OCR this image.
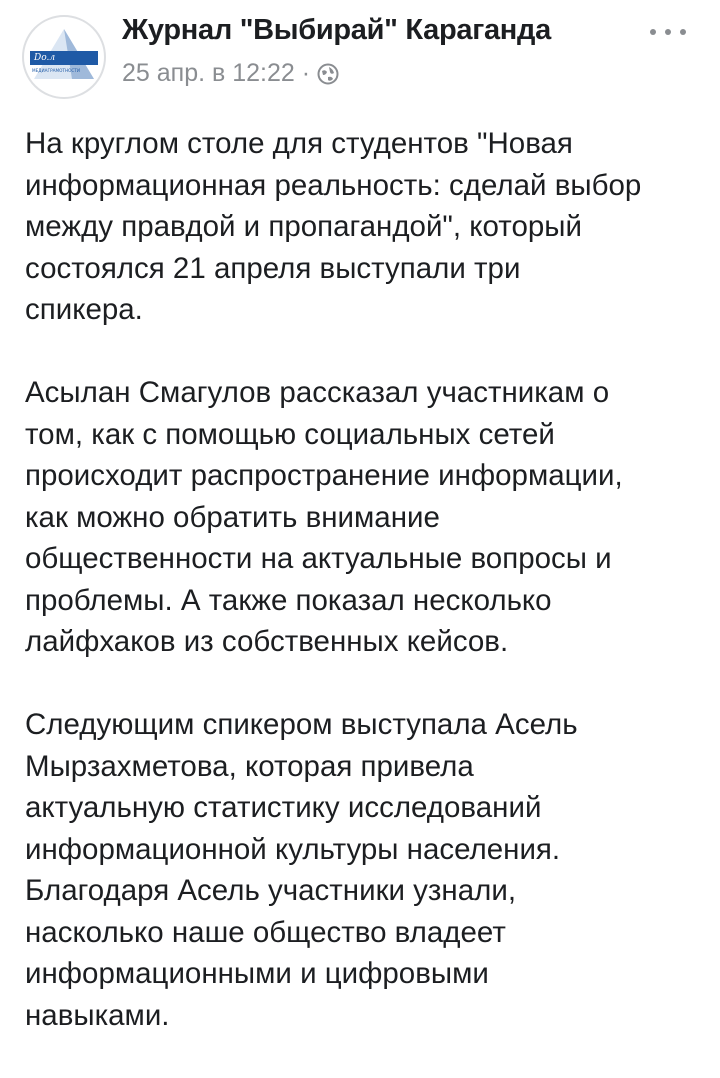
Do.л
МЕДИАГРАМОТНОСТИ
Журнал "Выбирай" Караганда
25 апр. в 12:22 ·

На круглом столе для студентов "Новая
информационная реальность: сделай выбор
между правдой и пропагандой", который
состоялся 21 апреля выступали три
спикера.

Асылан Смагулов рассказал участникам о
том, как с помощью социальных сетей
происходит распространение информации,
как можно обратить внимание
общественности на актуальные вопросы и
проблемы. А также показал несколько
лайфхаков из собственных кейсов.

Следующим спикером выступала Асель
Мырзахметова, которая привела
актуальную статистику исследований
информационной культуры населения.
Благодаря Асель участники узнали,
насколько наше общество владеет
информационными и цифровыми
навыками.
